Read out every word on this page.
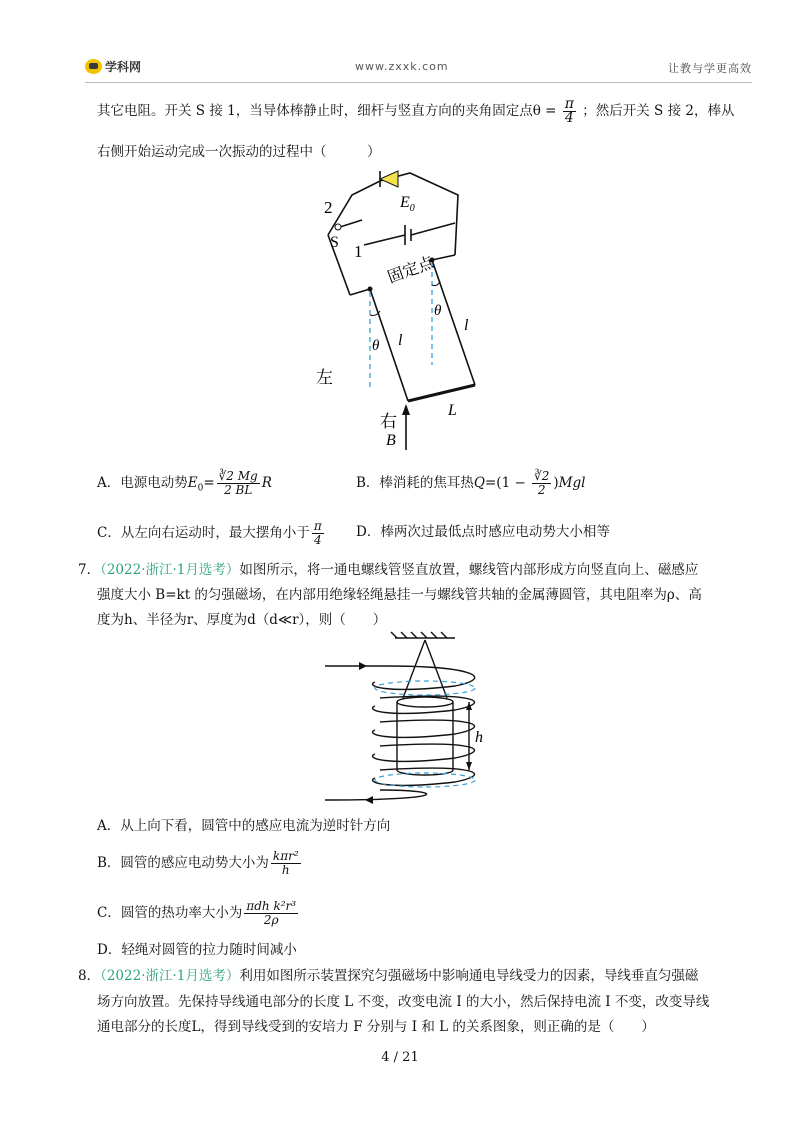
学科网	www.zxxk.com	让教与学更高效
其它电阻。开关 S 接 1，当导体棒静止时，细杆与竖直方向的夹角固定点$\theta = \frac{\pi}{4}$ ；然后开关 S 接 2，棒从
右侧开始运动完成一次振动的过程中（　　　）
2
S 1
$E_0$
固定点
θ l
θ
l
左
右
B
L
A．电源电动势$E_0= \frac{∛2 Mg}{2 BL}$ R	B．棒消耗的焦耳热$Q=(1 - \frac{∛2}{2} )Mgl$
C．从左向右运动时，最大摆角小于 $\frac{\pi}{4}$ D．棒两次过最低点时感应电动势大小相等
7．（2022·浙江·1月选考）如图所示，将一通电螺线管竖直放置，螺线管内部形成方向竖直向上、磁感应
强度大小 B=kt 的匀强磁场，在内部用绝缘轻绳悬挂一与螺线管共轴的金属薄圆管，其电阻率为ρ、高
度为h、半径为r、厚度为d（d≪r），则（　　）
h
A．从上向下看，圆管中的感应电流为逆时针方向
B．圆管的感应电动势大小为 $\frac{\text{kπr²}}{h}$
C．圆管的热功率大小为 $\frac{\text{πdh k²r³}}{2\rho}$
D．轻绳对圆管的拉力随时间减小
8．（2022·浙江·1月选考）利用如图所示装置探究匀强磁场中影响通电导线受力的因素，导线垂直匀强磁
场方向放置。先保持导线通电部分的长度 L 不变，改变电流 I 的大小，然后保持电流 I 不变，改变导线
通电部分的长度L，得到导线受到的安培力 F 分别与 I 和 L 的关系图象，则正确的是（　　）
4 / 21
